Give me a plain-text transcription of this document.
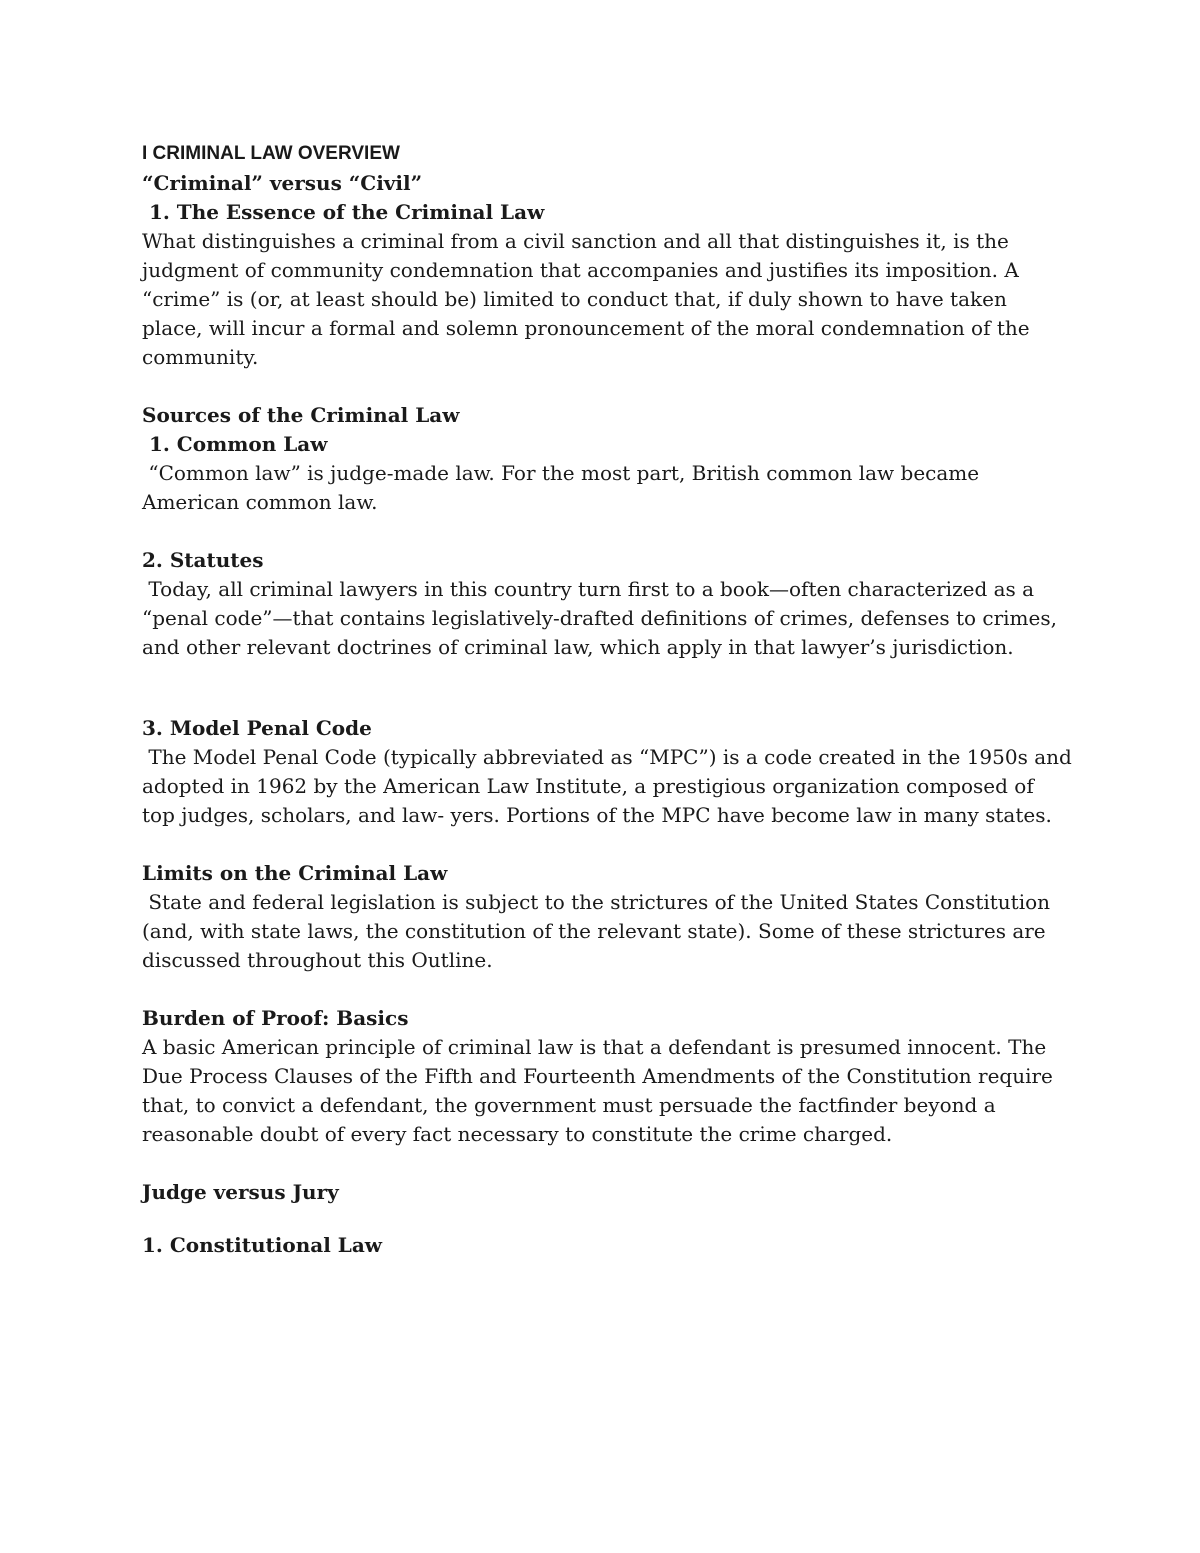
I CRIMINAL LAW OVERVIEW

“Criminal” versus “Civil”

1. The Essence of the Criminal Law

What distinguishes a criminal from a civil sanction and all that distinguishes it, is the judgment of community condemnation that accompanies and justifies its imposition. A “crime” is (or, at least should be) limited to conduct that, if duly shown to have taken place, will incur a formal and solemn pronouncement of the moral condemnation of the community.

Sources of the Criminal Law

1. Common Law

“Common law” is judge-made law. For the most part, British common law became American common law.

2. Statutes

Today, all criminal lawyers in this country turn first to a book—often characterized as a “penal code”—that contains legislatively-drafted definitions of crimes, defenses to crimes, and other relevant doctrines of criminal law, which apply in that lawyer’s jurisdiction.

3. Model Penal Code

The Model Penal Code (typically abbreviated as “MPC”) is a code created in the 1950s and adopted in 1962 by the American Law Institute, a prestigious organization composed of top judges, scholars, and law- yers. Portions of the MPC have become law in many states.

Limits on the Criminal Law

State and federal legislation is subject to the strictures of the United States Constitution (and, with state laws, the constitution of the relevant state). Some of these strictures are discussed throughout this Outline.

Burden of Proof: Basics

A basic American principle of criminal law is that a defendant is presumed innocent. The Due Process Clauses of the Fifth and Fourteenth Amendments of the Constitution require that, to convict a defendant, the government must persuade the factfinder beyond a reasonable doubt of every fact necessary to constitute the crime charged.

Judge versus Jury

1. Constitutional Law
